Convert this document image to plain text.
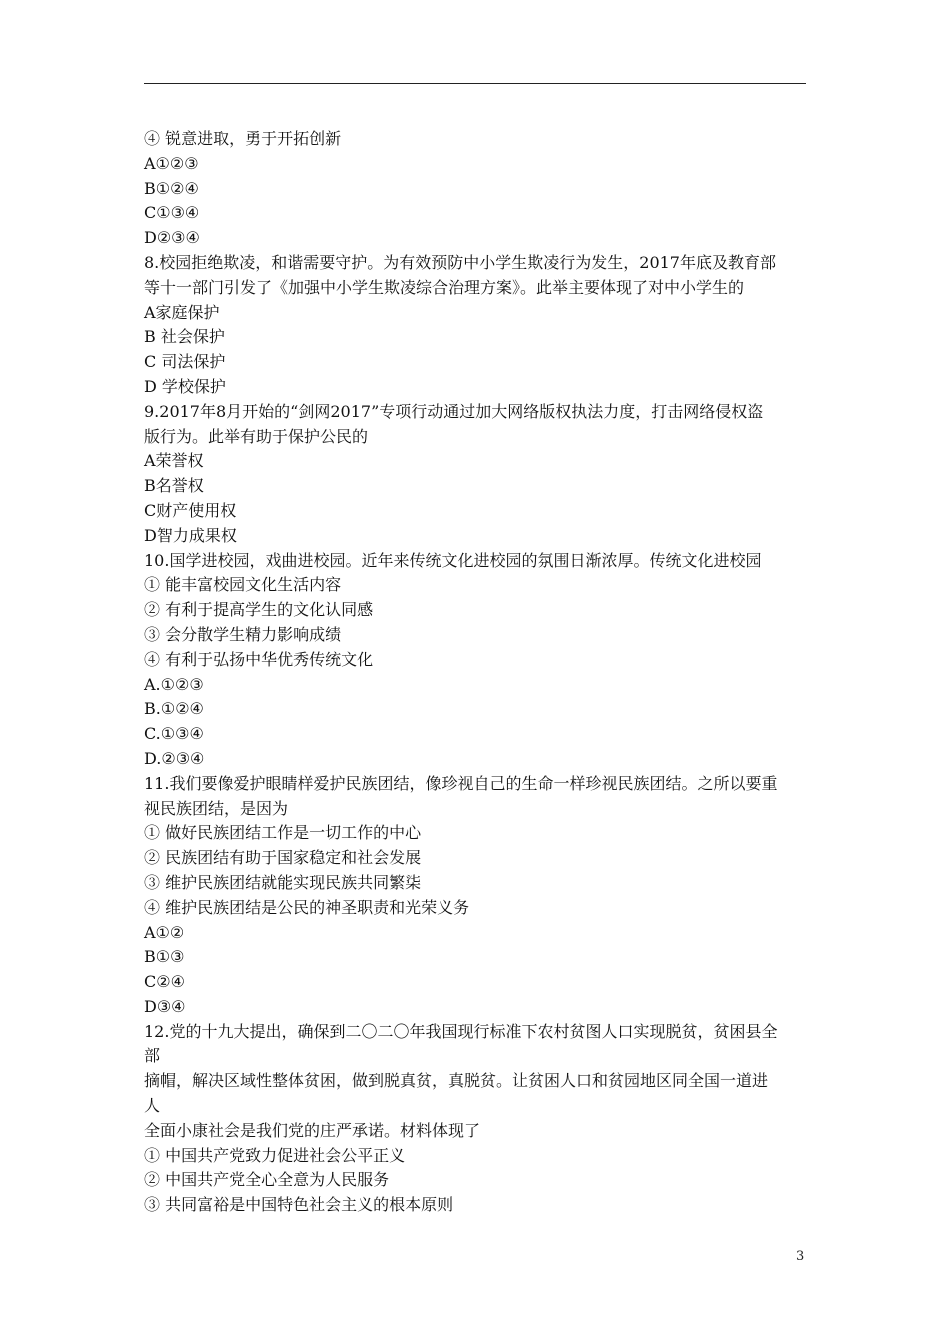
④ 锐意进取，勇于开拓创新
A①②③
B①②④
C①③④
D②③④
8.校园拒绝欺凌，和谐需要守护。为有效预防中小学生欺凌行为发生，2017年底及教育部
等十一部门引发了《加强中小学生欺凌综合治理方案》。此举主要体现了对中小学生的
A家庭保护
B 社会保护
C 司法保护
D 学校保护
9.2017年8月开始的“剑网2017”专项行动通过加大网络版权执法力度，打击网络侵权盗
版行为。此举有助于保护公民的
A荣誉权
B名誉权
C财产使用权
D智力成果权
10.国学进校园，戏曲进校园。近年来传统文化进校园的氛围日渐浓厚。传统文化进校园
① 能丰富校园文化生活内容
② 有利于提高学生的文化认同感
③ 会分散学生精力影响成绩
④ 有利于弘扬中华优秀传统文化
A.①②③
B.①②④
C.①③④
D.②③④
11.我们要像爱护眼睛样爱护民族团结，像珍视自己的生命一样珍视民族团结。之所以要重
视民族团结，是因为
① 做好民族团结工作是一切工作的中心
② 民族团结有助于国家稳定和社会发展
③ 维护民族团结就能实现民族共同繁柒
④ 维护民族团结是公民的神圣职责和光荣义务
A①②
B①③
C②④
D③④
12.党的十九大提出，确保到二〇二〇年我国现行标准下农村贫图人口实现脱贫，贫困县全
部
摘帽，解决区域性整体贫困，做到脱真贫，真脱贫。让贫困人口和贫园地区同全国一道进
人
全面小康社会是我们党的庄严承诺。材料体现了
① 中国共产党致力促进社会公平正义
② 中国共产党全心全意为人民服务
③ 共同富裕是中国特色社会主义的根本原则
3
